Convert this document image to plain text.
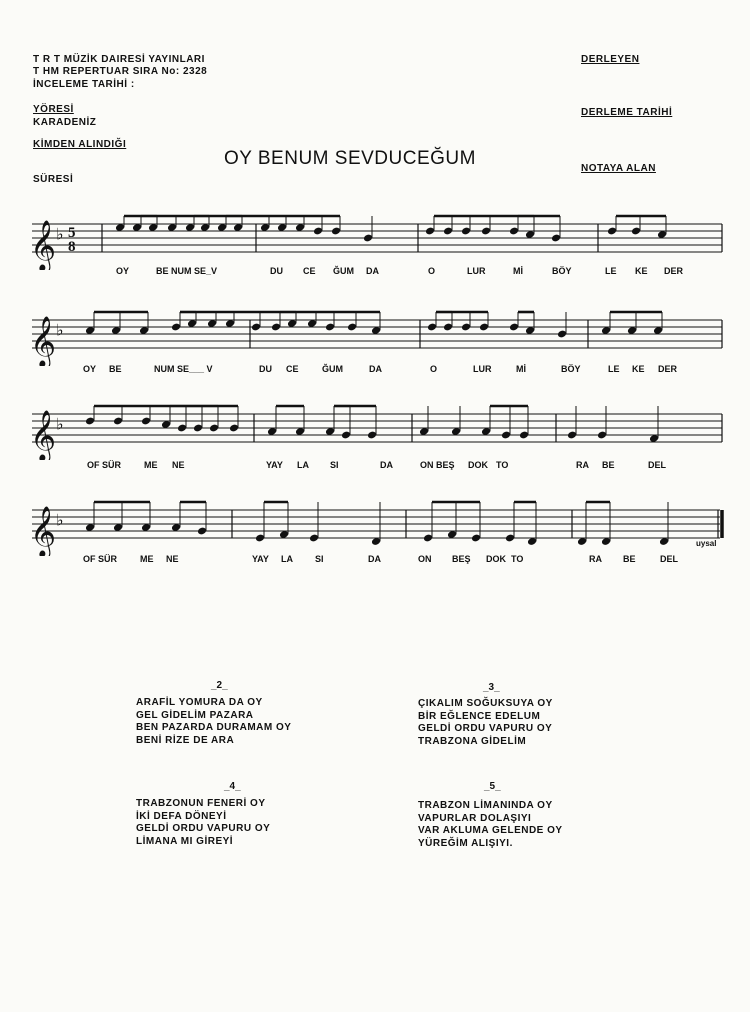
T R T MÜZİK DAIRESİ YAYINLARI
T HM REPERTUAR SIRA No: 2328
İNCELEME TARİHİ :
YÖRESİ
KARADENİZ
KİMDEN ALINDIĞI
SÜRESİ
DERLEYEN
DERLEME TARİHİ
NOTAYA ALAN
OY BENUM SEVDUCEĞUM
𝄞 ♭ 5
8
𝄞 ♭
𝄞 ♭
𝄞 ♭
OY	BE NUM SE_V	DU CE ĞUM DA	O	LUR	Mİ	BÖY	LE KE DER
OY BE	NUM SE___ V	DU CE	ĞUM	DA	O	LUR	Mİ	BÖY	LE KE DER
OF SÜR	ME NE	YAY LA SI	DA	ON BEŞ DOK TO	RA BE	DEL
OF SÜR	ME NE	YAY LA SI	DA	ON BEŞ DOK TO	RA BE	DEL
uysal
_2_
ARAFİL YOMURA DA OY
GEL GİDELİM PAZARA
BEN PAZARDA DURAMAM OY
BENİ RİZE DE ARA
_3_
ÇIKALIM SOĞUKSUYA OY
BİR EĞLENCE EDELUM
GELDİ ORDU VAPURU OY
TRABZONA GİDELİM
_4_
TRABZONUN FENERİ OY
İKİ DEFA DÖNEYİ
GELDİ ORDU VAPURU OY
LİMANA MI GİREYİ
_5_
TRABZON LİMANINDA OY
VAPURLAR DOLAŞIYI
VAR AKLUMA GELENDE OY
YÜREĞİM ALIŞIYI.
